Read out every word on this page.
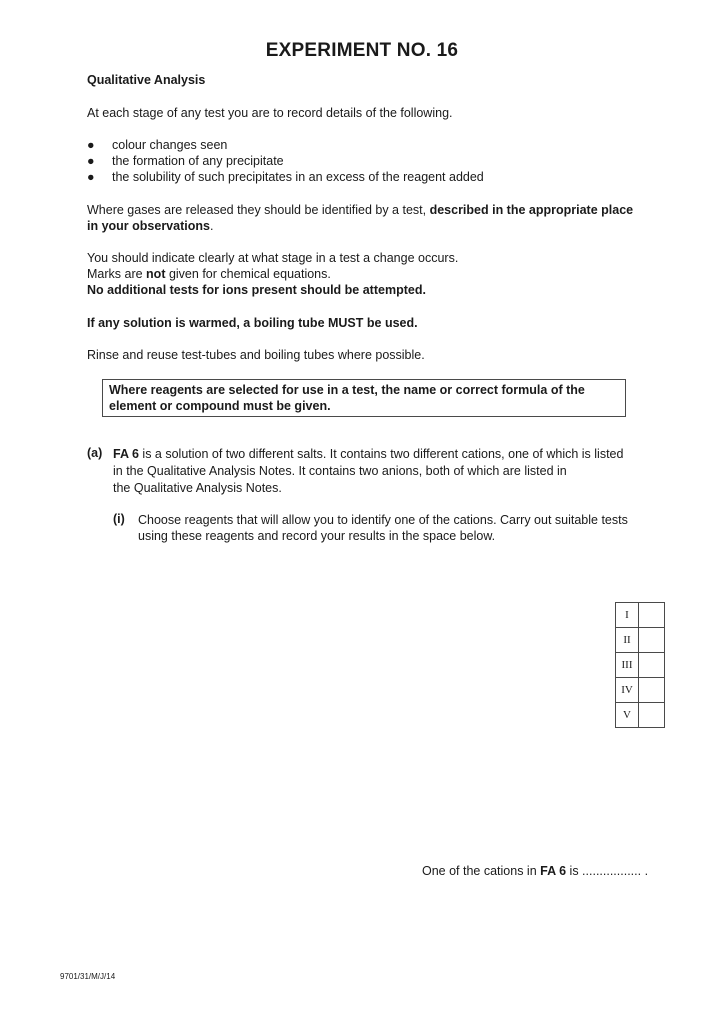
EXPERIMENT NO. 16
Qualitative Analysis
At each stage of any test you are to record details of the following.
● colour changes seen
● the formation of any precipitate
● the solubility of such precipitates in an excess of the reagent added
Where gases are released they should be identified by a test, described in the appropriate place
in your observations.
You should indicate clearly at what stage in a test a change occurs.
Marks are not given for chemical equations.
No additional tests for ions present should be attempted.
If any solution is warmed, a boiling tube MUST be used.
Rinse and reuse test-tubes and boiling tubes where possible.
Where reagents are selected for use in a test, the name or correct formula of the
element or compound must be given.
(a) FA 6 is a solution of two different salts. It contains two different cations, one of which is listed
in the Qualitative Analysis Notes. It contains two anions, both of which are listed in
the Qualitative Analysis Notes.
(i) Choose reagents that will allow you to identify one of the cations. Carry out suitable tests
using these reagents and record your results in the space below.
I	
II	
III	
IV	
V	
One of the cations in FA 6 is ................. .
9701/31/M/J/14
